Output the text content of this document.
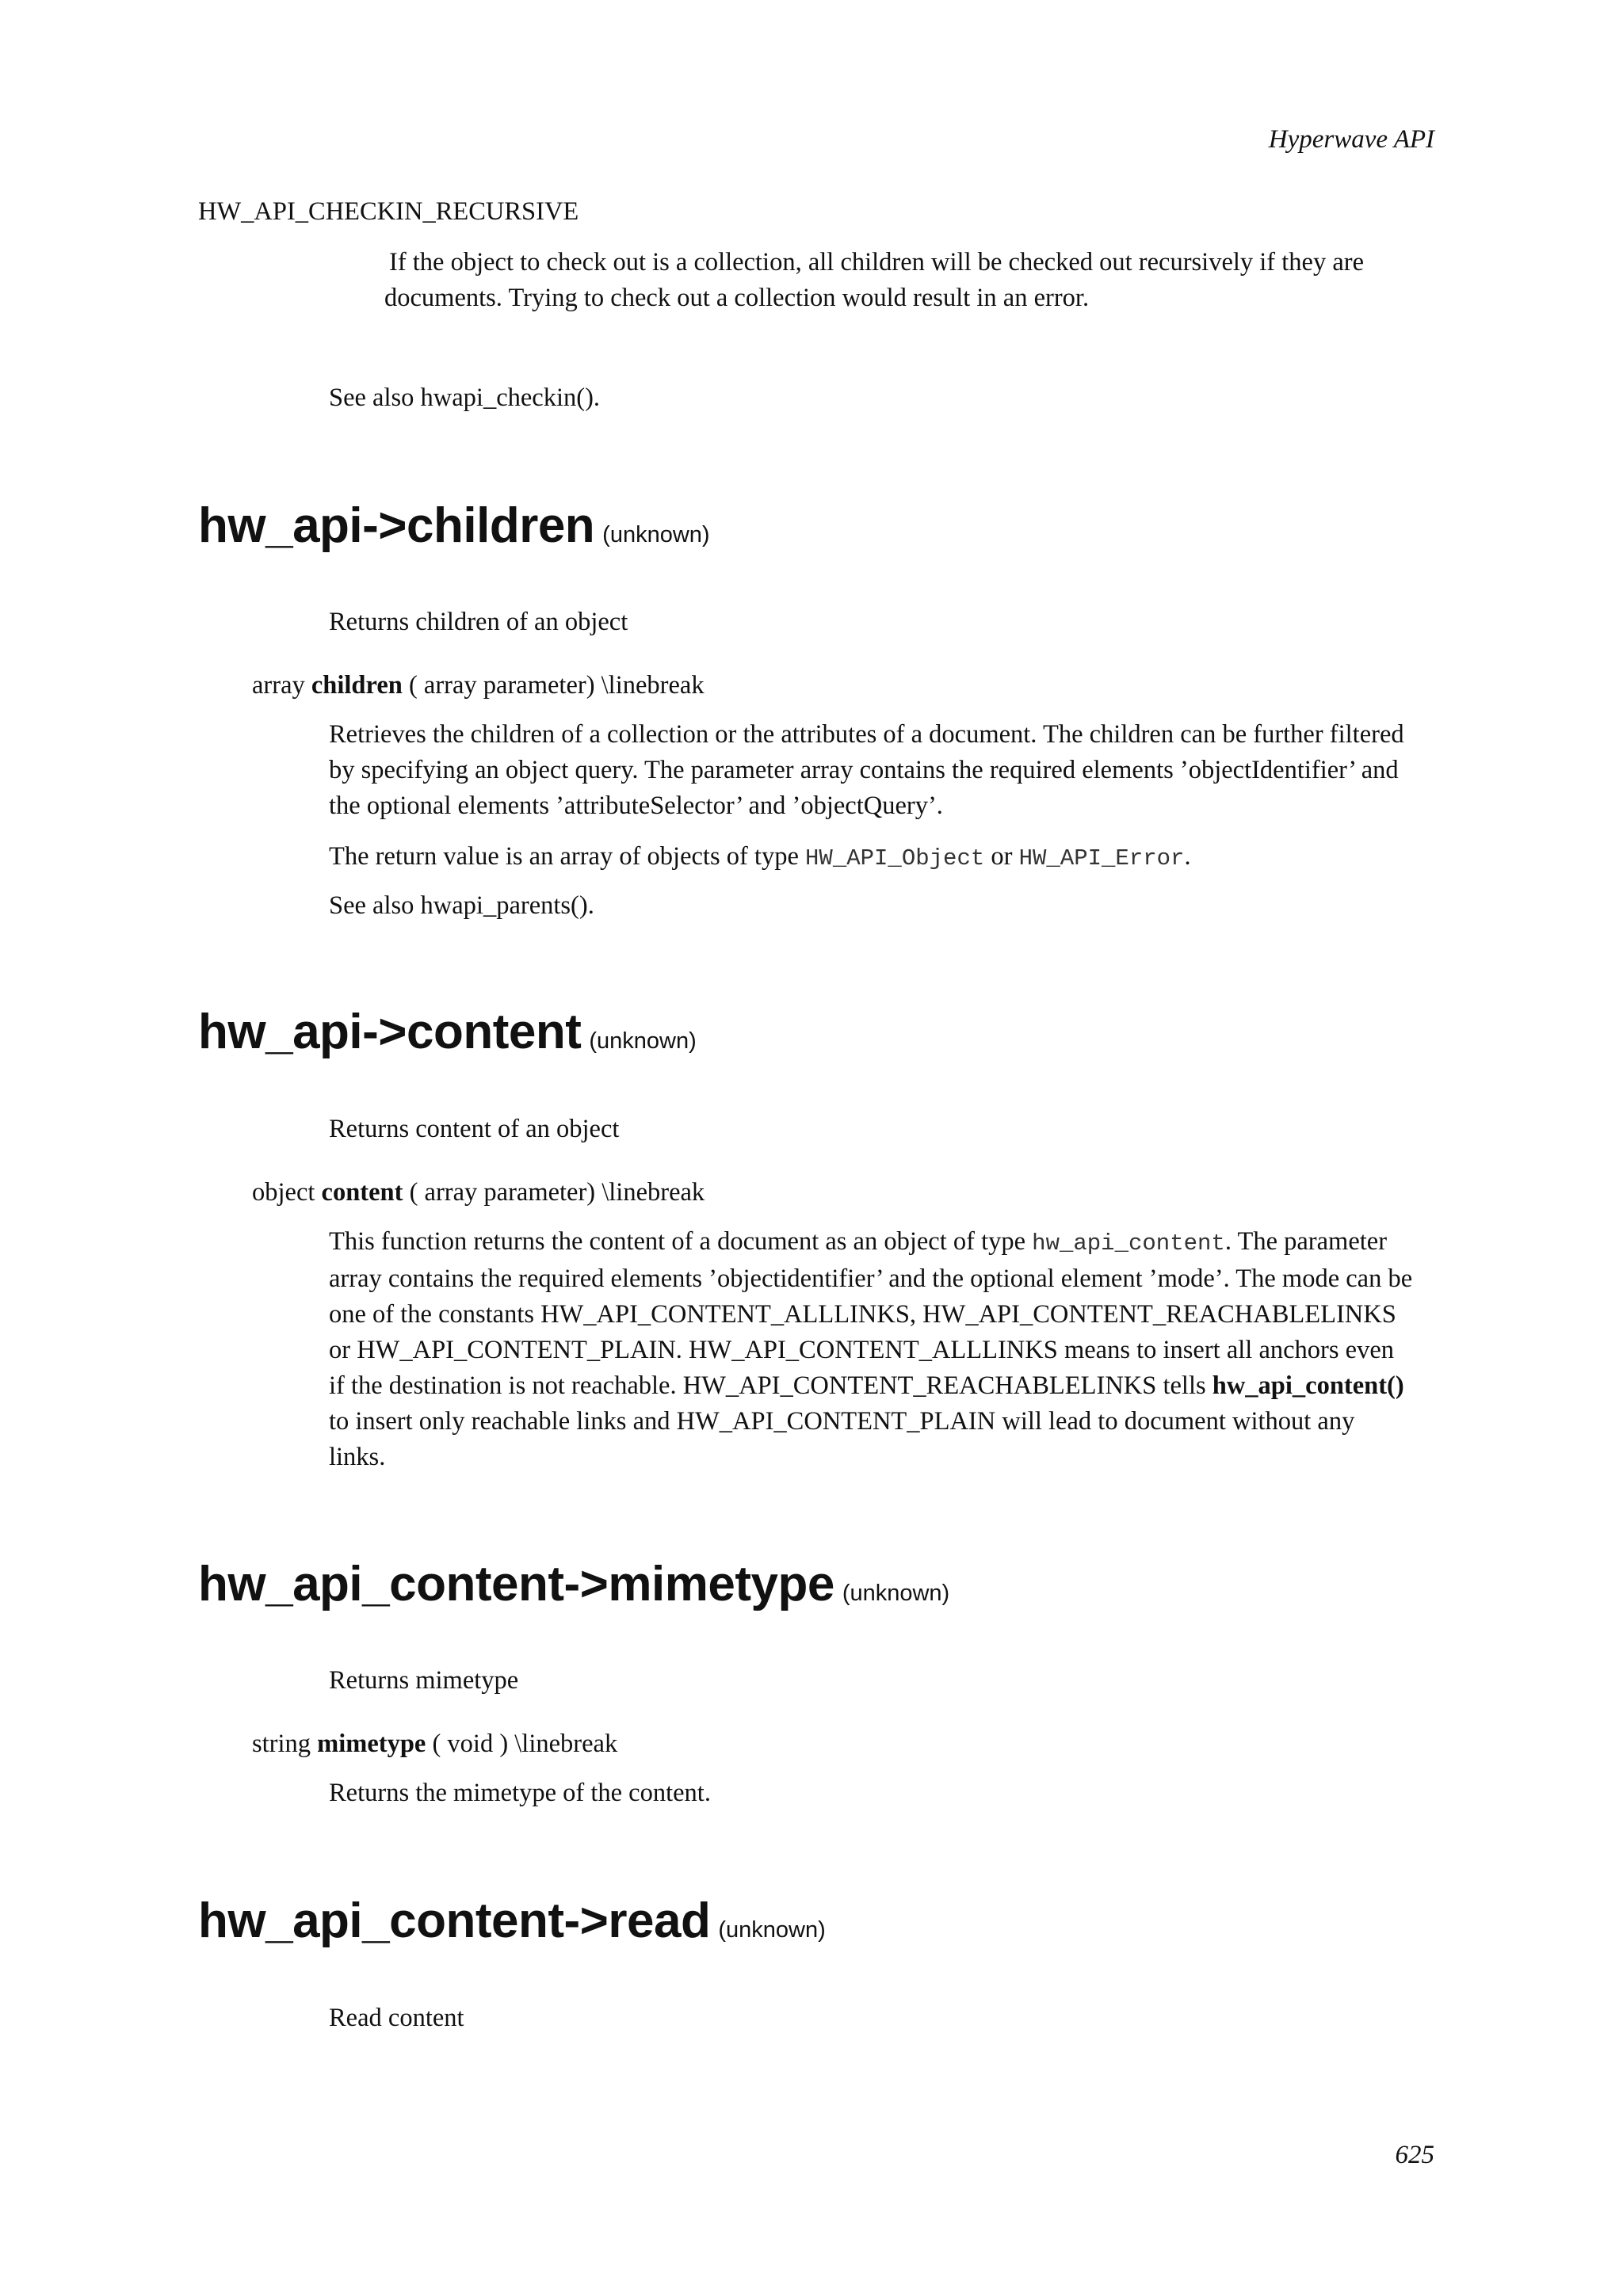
Hyperwave API
HW_API_CHECKIN_RECURSIVE
If the object to check out is a collection, all children will be checked out recursively if they are documents. Trying to check out a collection would result in an error.
See also hwapi_checkin().
hw_api->children (unknown)
Returns children of an object
array children ( array parameter) \linebreak
Retrieves the children of a collection or the attributes of a document. The children can be further filtered by specifying an object query. The parameter array contains the required elements ’objectIdentifier’ and the optional elements ’attributeSelector’ and ’objectQuery’.
The return value is an array of objects of type HW_API_Object or HW_API_Error.
See also hwapi_parents().
hw_api->content (unknown)
Returns content of an object
object content ( array parameter) \linebreak
This function returns the content of a document as an object of type hw_api_content. The parameter array contains the required elements ’objectidentifier’ and the optional element ’mode’. The mode can be one of the constants HW_API_CONTENT_ALLLINKS, HW_API_CONTENT_REACHABLELINKS or HW_API_CONTENT_PLAIN. HW_API_CONTENT_ALLLINKS means to insert all anchors even if the destination is not reachable. HW_API_CONTENT_REACHABLELINKS tells hw_api_content() to insert only reachable links and HW_API_CONTENT_PLAIN will lead to document without any links.
hw_api_content->mimetype (unknown)
Returns mimetype
string mimetype ( void ) \linebreak
Returns the mimetype of the content.
hw_api_content->read (unknown)
Read content
625
